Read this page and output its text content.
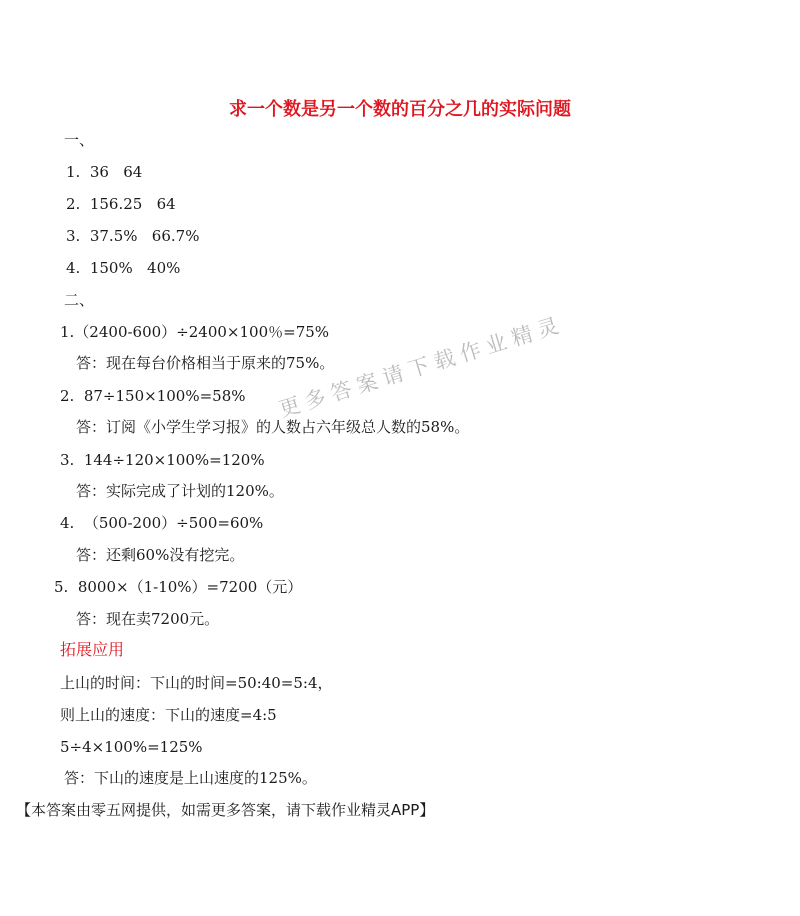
求一个数是另一个数的百分之几的实际问题
一、
1.  36   64
2.  156.25   64
3.  37.5%   66.7%
4.  150%   40%
二、
1.（2400-600）÷2400×100％=75%
答：现在每台价格相当于原来的75%。
2.  87÷150×100%=58%
答：订阅《小学生学习报》的人数占六年级总人数的58%。
3.  144÷120×100%=120%
答：实际完成了计划的120%。
4.  （500-200）÷500=60%
答：还剩60%没有挖完。
5.  8000×（1-10%）=7200（元）
答：现在卖7200元。
拓展应用
上山的时间：下山的时间=50:40=5:4，
则上山的速度：下山的速度=4:5
5÷4×100%=125%
答：下山的速度是上山速度的125%。
【本答案由零五网提供，如需更多答案，请下载作业精灵APP】
更多答案请下载作业精灵
